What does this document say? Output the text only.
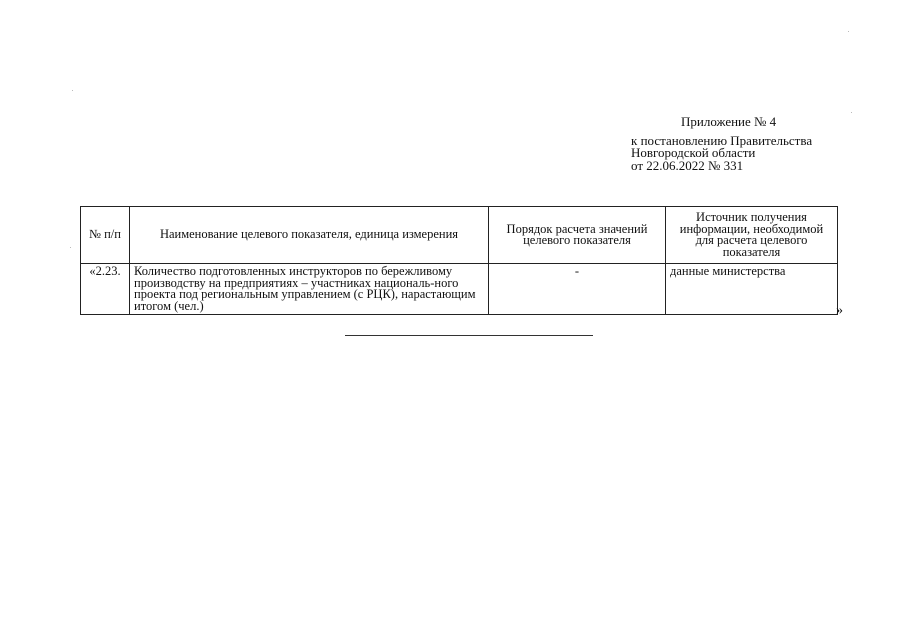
Приложение № 4
к постановлению Правительства
Новгородской области
от 22.06.2022 № 331
№ п/п	Наименование целевого показателя, единица измерения	Порядок расчета значений целевого показателя	Источник получения информации, необходимой для расчета целевого показателя
«2.23.	Количество подготовленных инструкторов по бережливому производству на предприятиях – участниках националь-ного проекта под региональным управлением (с РЦК), нарастающим итогом (чел.)	-	данные министерства
»
